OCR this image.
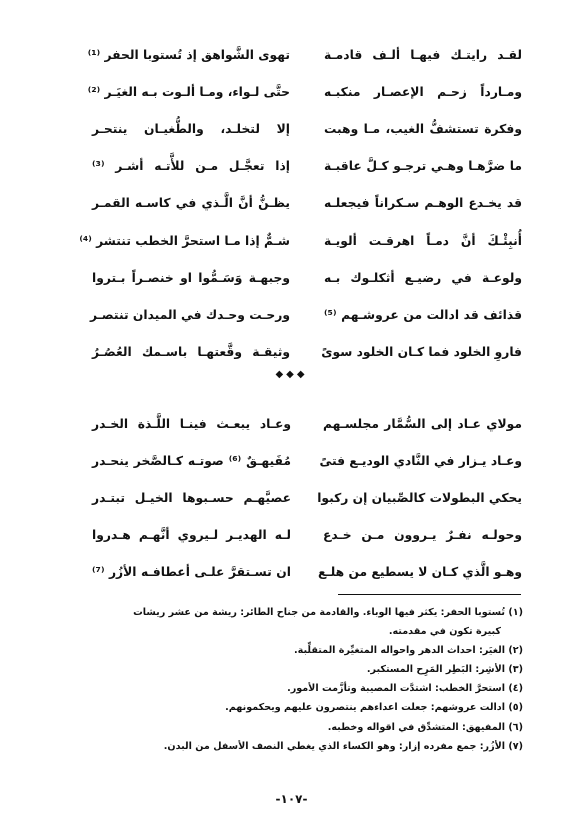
لقـد رايتـك فيهـا ألـف قادمـة
تهوى الشَّواهق إذ تُستوبا الحفر ⁽¹⁾
ومـارداً زحـم الإعصـار منكبـه
حتَّى لـواء، ومـا ألـوت بـه الغيَـر ⁽²⁾
وفكرة تستشفُّ الغيب، مـا وهبت
إلا لتخلـد، والطُّغيـان ينتحـر
ما ضرَّهـا وهـي ترجـو كـلَّ عاقبـة
إذا تعجَّـل مـن للأَّتـه أشـر ⁽³⁾
قد يخـدع الوهـم سـكراناً فيجعلـه
يظـنُّ أنَّ الَّـذي في كاسـه القمـر
أُنبِئْـكَ أنَّ دمـاً اهرقـت ألويـة
شـمٌّ إذا مـا استحرَّ الخطب تنتشر ⁽⁴⁾
ولوعـة في رضيـع أثكلـوك بـه
وجبهـة وَسَـمُّوا او خنصـراً بـتروا
قذائف قد ادالت من عروشـهم ⁽⁵⁾
ورحـت وحـدك في الميدان تنتصـر
فاروِ الخلود فما كـان الخلود سوىً
وثيقـة وقَّعتهـا باسـمك العُصُـرُ
◆◆◆
مولاي عـاد إلى السُّمَّار مجلسـهم
وعـاد يبعـث فينـا اللَّـذة الخـدر
وعـاد يـزار في النَّادي الوديـع فتىً
مُفَيهـقٌ ⁽⁶⁾ صوتـه كـالصَّخر ينحـدر
يحكي البطولات كالصِّبيان إن ركبوا
عصيَّهـم حسـبوها الخيـل تبتـدر
وحولـه نفـرٌ يـروون مـن خـدع
لـه الهديـر لـيروي أنَّهـم هـدروا
وهـو الَّذي كـان لا يسطيع من هلـع
ان تسـتقرَّ علـى أعطافـه الأزُر ⁽⁷⁾
(١) تُستوبا الحفر: يكثر فيها الوباء. والقادمة من جناح الطائر: ريشة من عشر ريشات
كبيرة تكون في مقدمته.
(٢) الغيَر: احداث الدهر واحواله المتغيِّرة المتقلِّبة.
(٣) الأشِر: البَطِر المَرِح المستكبر.
(٤) استحرَّ الخطب: اشتدَّت المصيبة وتأزَّمت الأمور.
(٥) ادالت عروشهم: جعلت اعداءهم ينتصرون عليهم ويحكمونهم.
(٦) المفيهق: المتشدِّق في اقواله وخطبه.
(٧) الأزُر: جمع مفرده إزار: وهو الكساء الذي يغطي النصف الأسفل من البدن.
-١٠٧-
